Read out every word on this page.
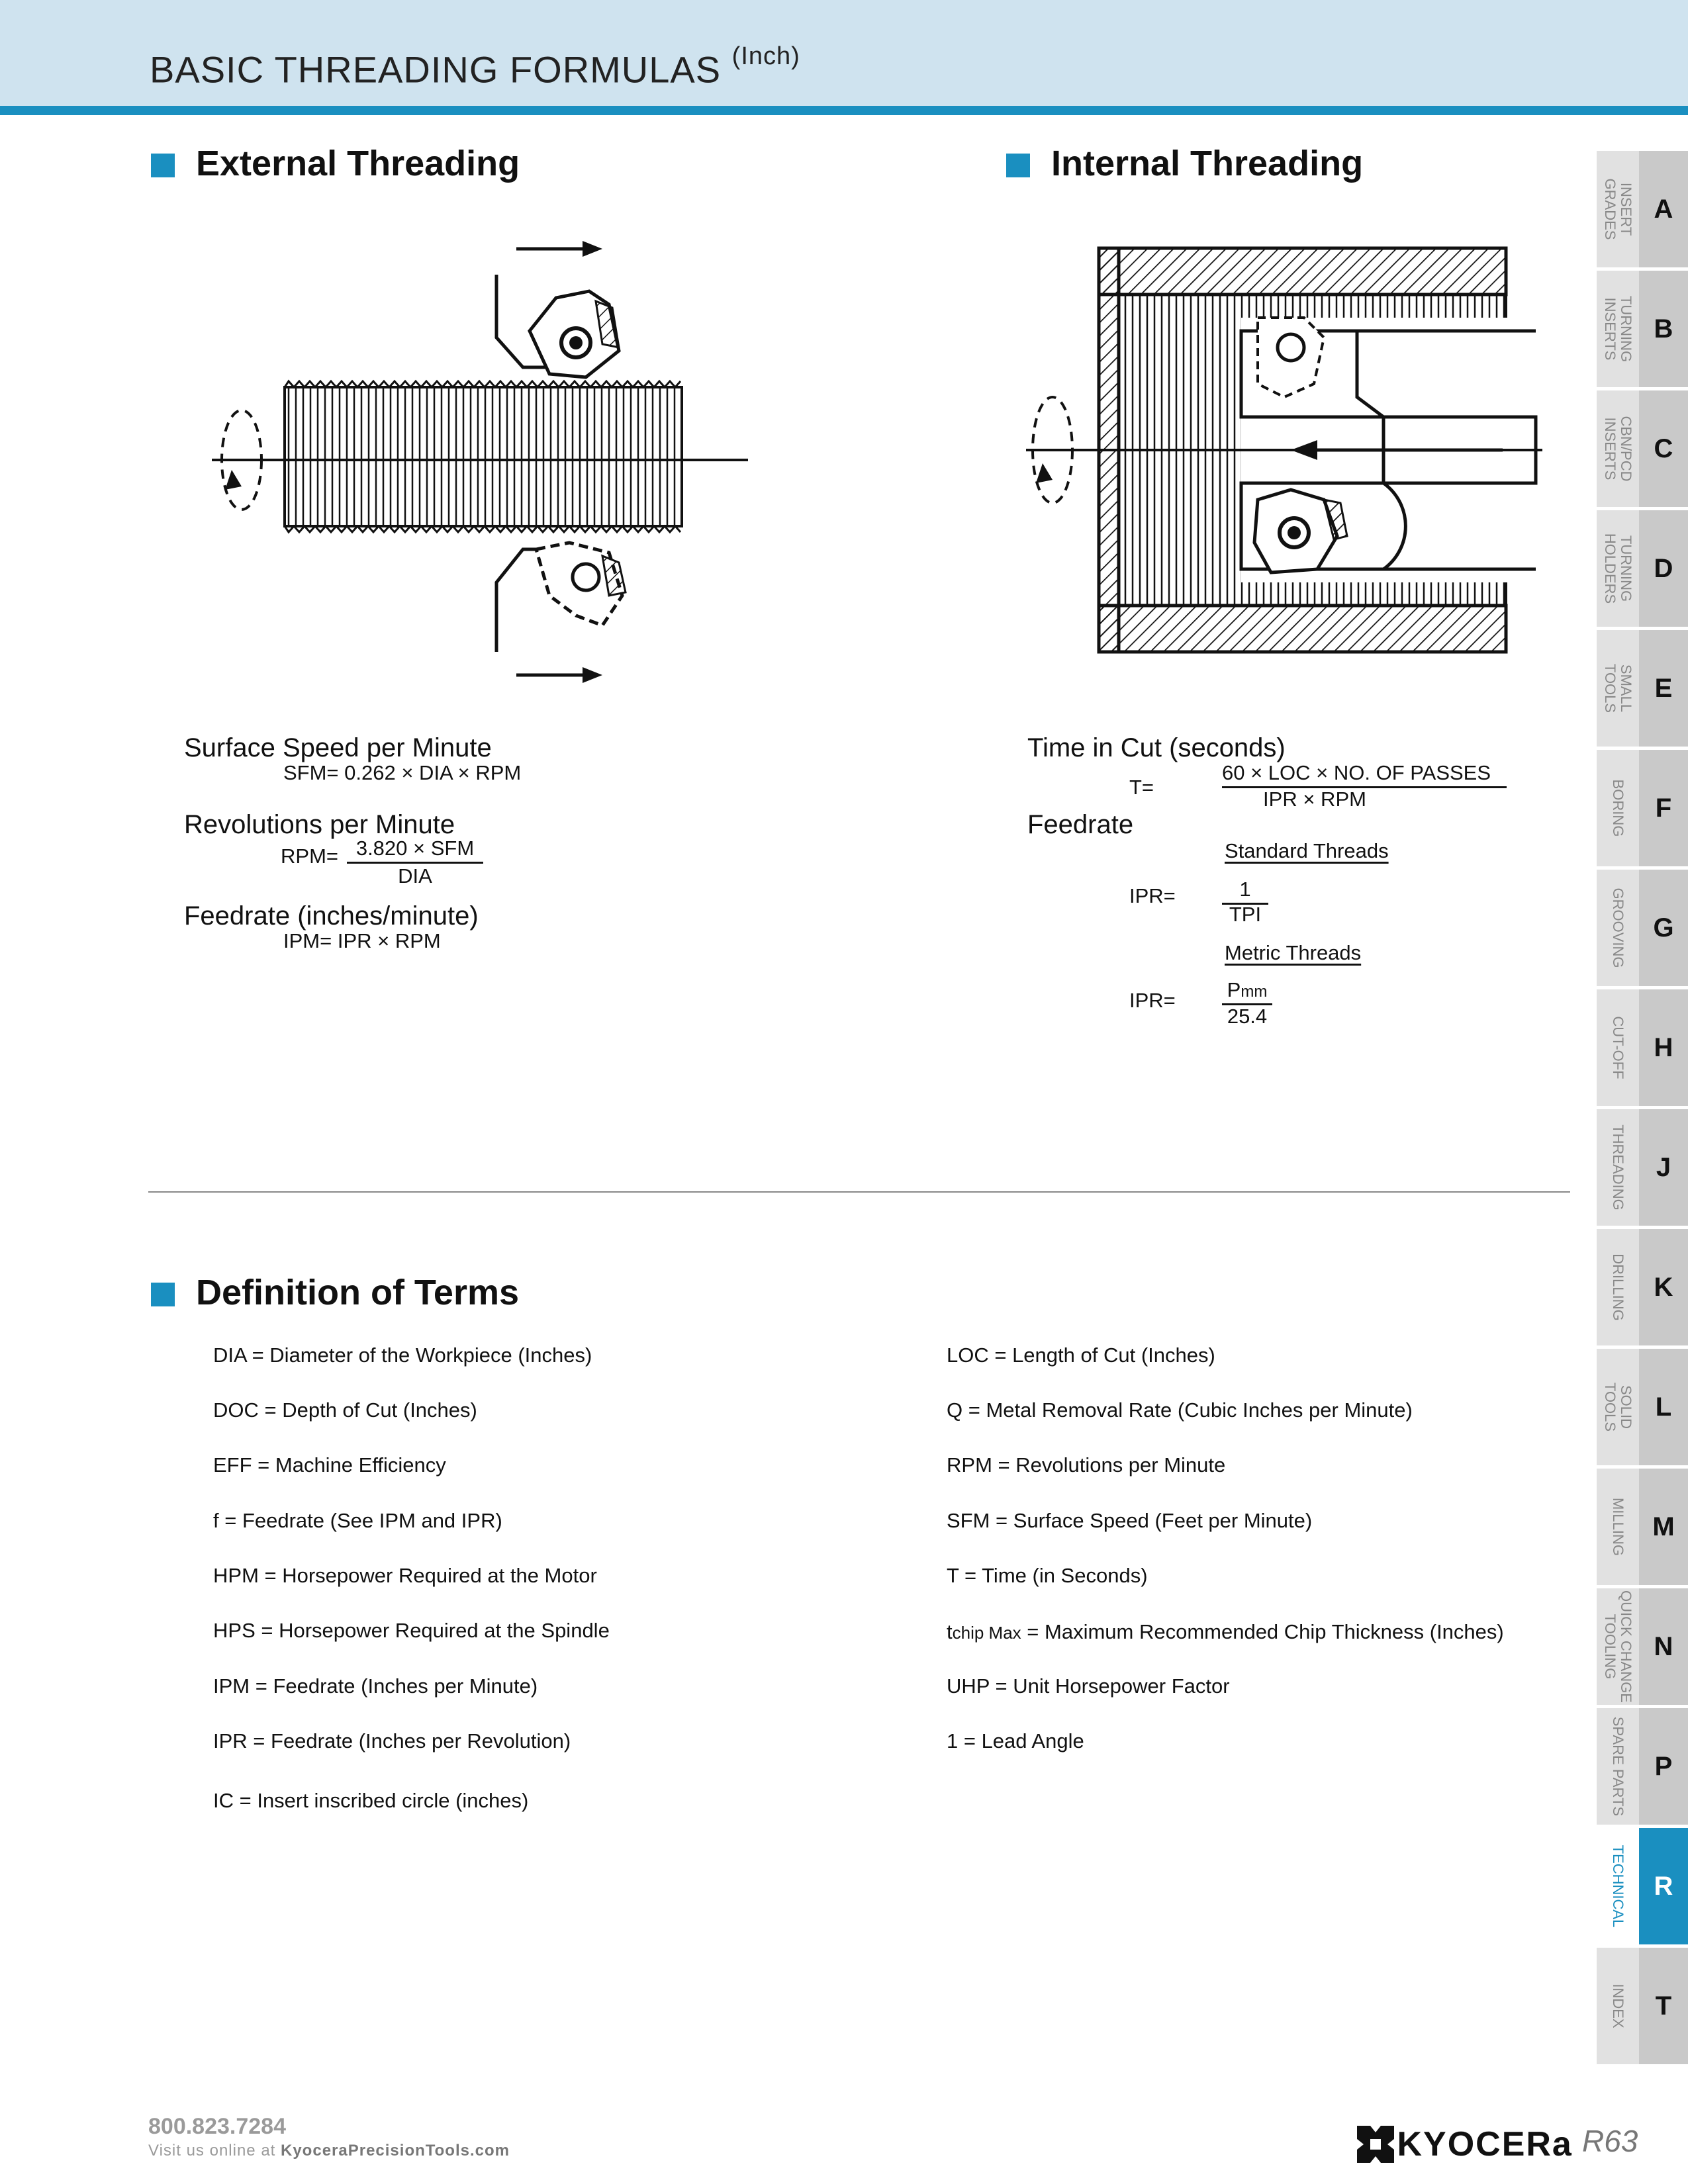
BASIC THREADING FORMULAS $^{(Inch)}$
External Threading	Internal Threading
Surface Speed per Minute
SFM= 0.262 × DIA × RPM
Revolutions per Minute
RPM= 3.820 × SFM
DIA
Feedrate (inches/minute)
IPM= IPR × RPM
Time in Cut (seconds)
T=
60 × LOC × NO. OF PASSES
IPR × RPM
Feedrate
Standard Threads
IPR=	1
TPI
Metric Threads
IPR=	Pmm
25.4
Definition of Terms
DIA = Diameter of the Workpiece (Inches)
DOC = Depth of Cut (Inches)
EFF = Machine Efficiency
f = Feedrate (See IPM and IPR)
HPM = Horsepower Required at the Motor
HPS = Horsepower Required at the Spindle
IPM = Feedrate (Inches per Minute)
IPR = Feedrate (Inches per Revolution)
IC = Insert inscribed circle (inches)
LOC = Length of Cut (Inches)
Q = Metal Removal Rate (Cubic Inches per Minute)
RPM = Revolutions per Minute
SFM = Surface Speed (Feet per Minute)
T = Time (in Seconds)
tchip Max = Maximum Recommended Chip Thickness (Inches)
UHP = Unit Horsepower Factor
1 = Lead Angle
INSERT
GRADES	A
TURNING
INSERTS	B
CBN/PCD
INSERTS	C
TURNING
HOLDERS	D
SMALL
TOOLS	E
BORING	F
GROOVING	G
CUT-OFF	H
THREADING	J
DRILLING	K
SOLID
TOOLS	L
MILLING M
QUICK CHANGE
TOOLING	N
SPARE PARTS	P
TECHNICAL	R
INDEX	T
800.823.7284
Visit us online at KyoceraPrecisionTools.com	KYOCERa R63
